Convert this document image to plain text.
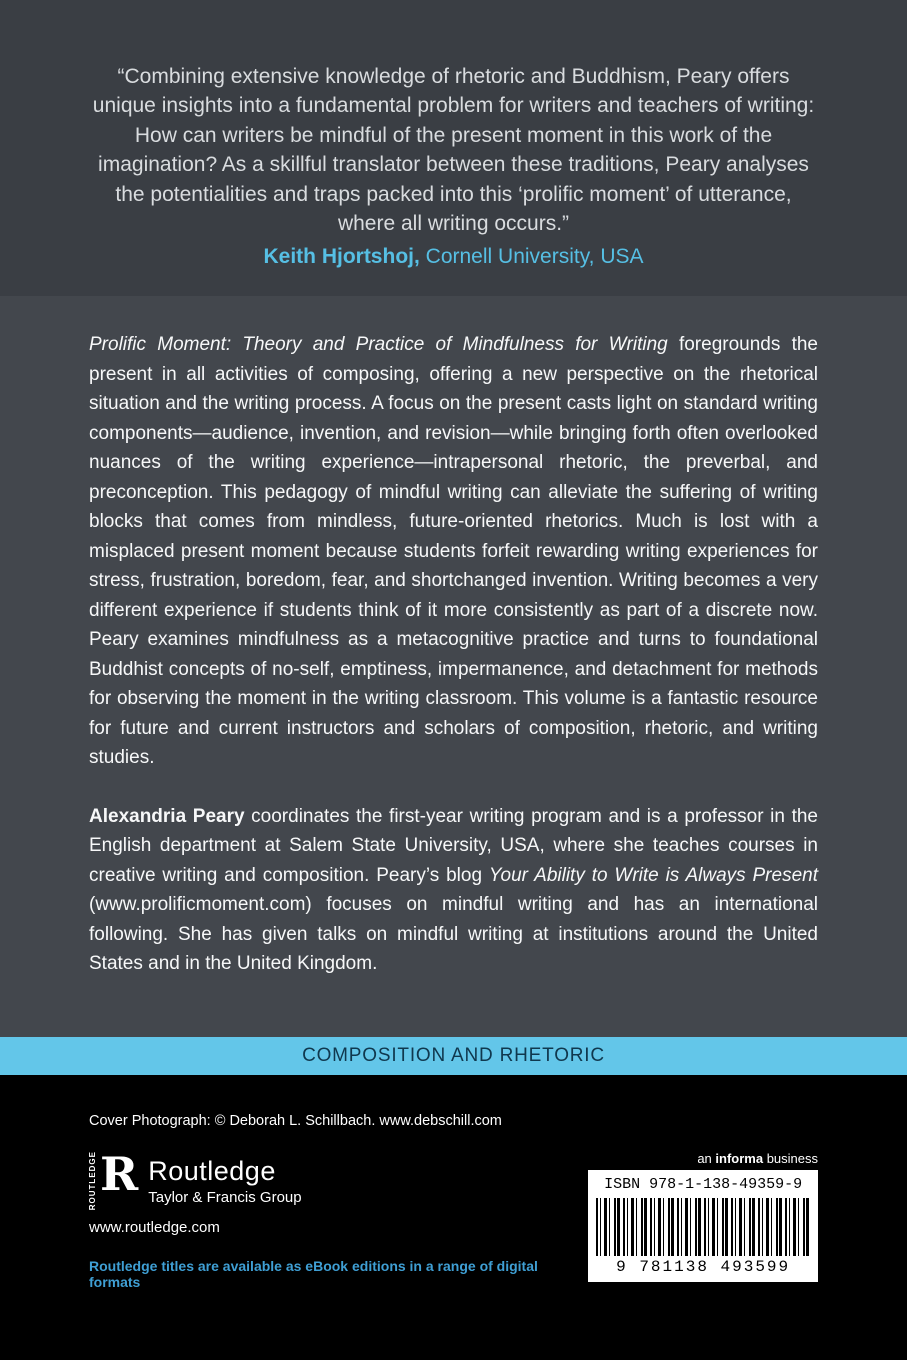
“Combining extensive knowledge of rhetoric and Buddhism, Peary offers unique insights into a fundamental problem for writers and teachers of writing: How can writers be mindful of the present moment in this work of the imagination? As a skillful translator between these traditions, Peary analyses the potentialities and traps packed into this ‘prolific moment’ of utterance, where all writing occurs.”

Keith Hjortshoj, Cornell University, USA

Prolific Moment: Theory and Practice of Mindfulness for Writing foregrounds the present in all activities of composing, offering a new perspective on the rhetorical situation and the writing process. A focus on the present casts light on standard writing components—audience, invention, and revision—while bringing forth often overlooked nuances of the writing experience—intrapersonal rhetoric, the preverbal, and preconception. This pedagogy of mindful writing can alleviate the suffering of writing blocks that comes from mindless, future-oriented rhetorics. Much is lost with a misplaced present moment because students forfeit rewarding writing experiences for stress, frustration, boredom, fear, and shortchanged invention. Writing becomes a very different experience if students think of it more consistently as part of a discrete now. Peary examines mindfulness as a metacognitive practice and turns to foundational Buddhist concepts of no-self, emptiness, impermanence, and detachment for methods for observing the moment in the writing classroom. This volume is a fantastic resource for future and current instructors and scholars of composition, rhetoric, and writing studies.

Alexandria Peary coordinates the first-year writing program and is a professor in the English department at Salem State University, USA, where she teaches courses in creative writing and composition. Peary’s blog Your Ability to Write is Always Present (www.prolificmoment.com) focuses on mindful writing and has an international following. She has given talks on mindful writing at institutions around the United States and in the United Kingdom.

COMPOSITION AND RHETORIC

Cover Photograph: © Deborah L. Schillbach. www.debschill.com

ROUTLEDGE R Routledge
Taylor & Francis Group
www.routledge.com
Routledge titles are available as eBook editions in a range of digital formats
an informa business
ISBN 978-1-138-49359-9
9 781138 493599
